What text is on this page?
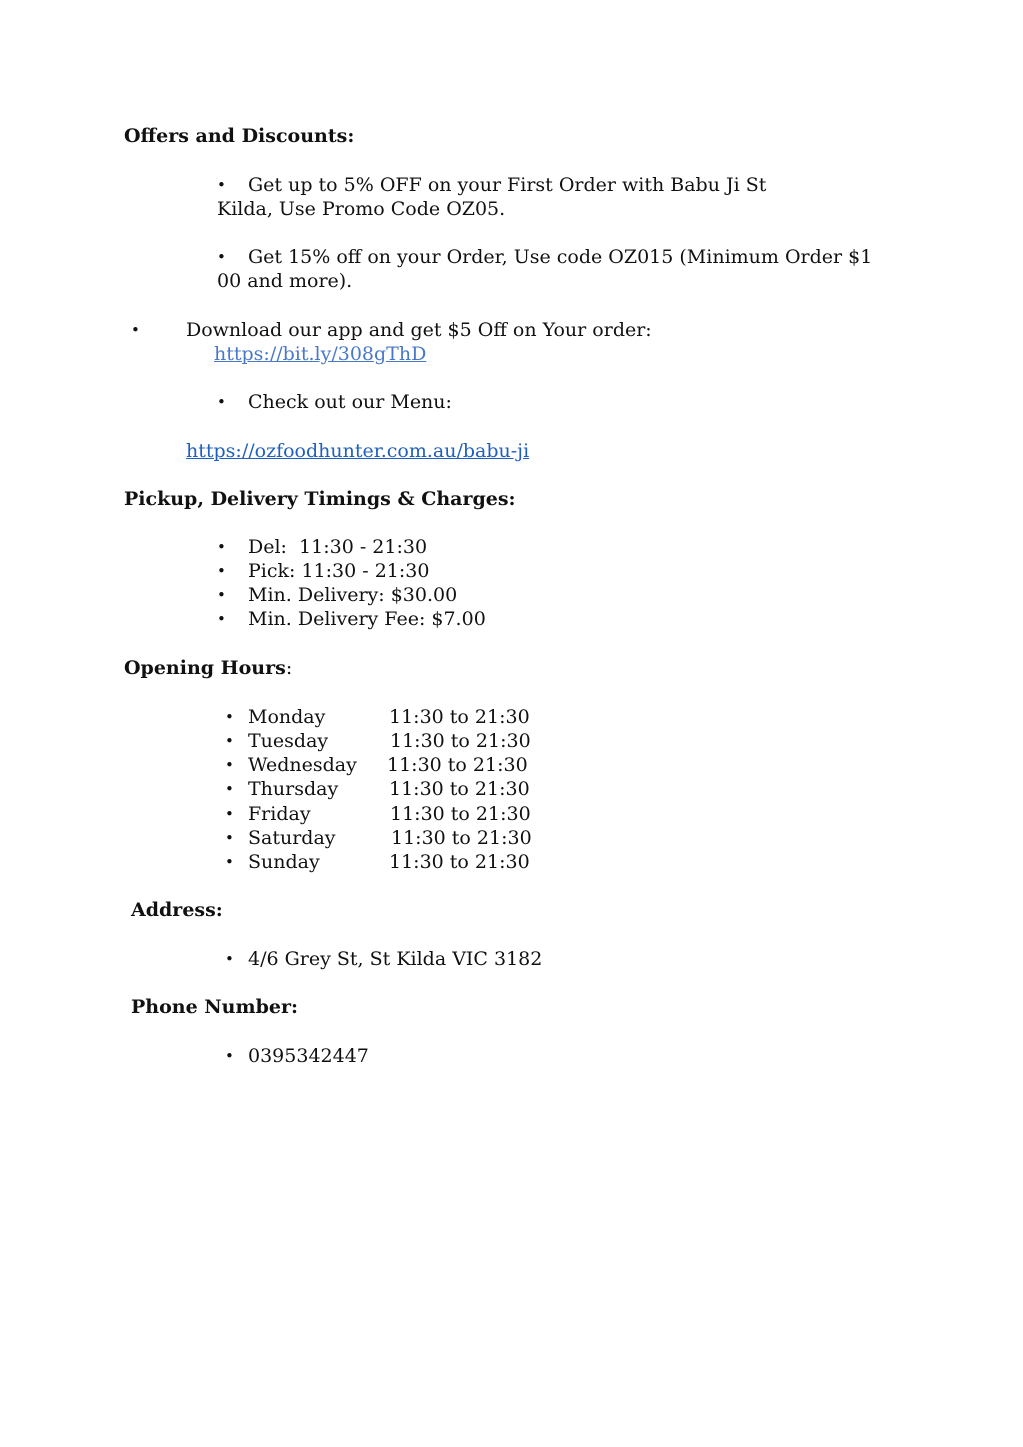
Offers and Discounts:
• Get up to 5% OFF on your First Order with Babu Ji St
Kilda, Use Promo Code OZ05.
• Get 15% off on your Order, Use code OZ015 (Minimum Order $1
00 and more).
• Download our app and get $5 Off on Your order:
https://bit.ly/308gThD
• Check out our Menu:
https://ozfoodhunter.com.au/babu-ji
Pickup, Delivery Timings & Charges:
• Del:  11:30 - 21:30
• Pick: 11:30 - 21:30
• Min. Delivery: $30.00
• Min. Delivery Fee: $7.00
Opening Hours:
• Monday	11:30 to 21:30
• Tuesday	11:30 to 21:30
• Wednesday 11:30 to 21:30
• Thursday	11:30 to 21:30
• Friday	11:30 to 21:30
• Saturday	11:30 to 21:30
• Sunday	11:30 to 21:30
Address:
• 4/6 Grey St, St Kilda VIC 3182
Phone Number:
• 0395342447
